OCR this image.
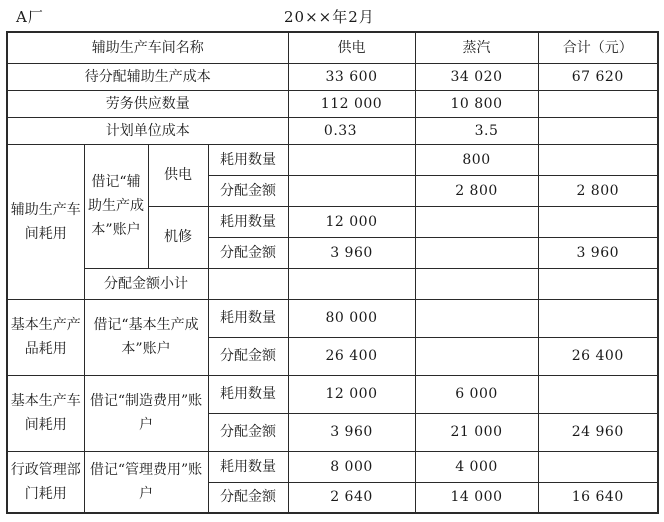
A厂	20××年2月
辅助生产车间名称				供电	蒸汽	合计（元）
待分配辅助生产成本				33 600	34 020	67 620
劳务供应数量				112 000	10 800	
计划单位成本				0.33	3.5	
辅助生产车间耗用	借记“辅助生产成本”账户	供电	耗用数量		800	
			分配金额		2 800	2 800
		机修	耗用数量	12 000		
			分配金额	3 960		3 960
	分配金额小计					
基本生产产品耗用	借记“基本生产成本”账户		耗用数量	80 000		
			分配金额	26 400		26 400
基本生产车间耗用	借记“制造费用”账户		耗用数量	12 000	6 000	
			分配金额	3 960	21 000	24 960
行政管理部门耗用	借记“管理费用”账户		耗用数量	8 000	4 000	
			分配金额	2 640	14 000	16 640
